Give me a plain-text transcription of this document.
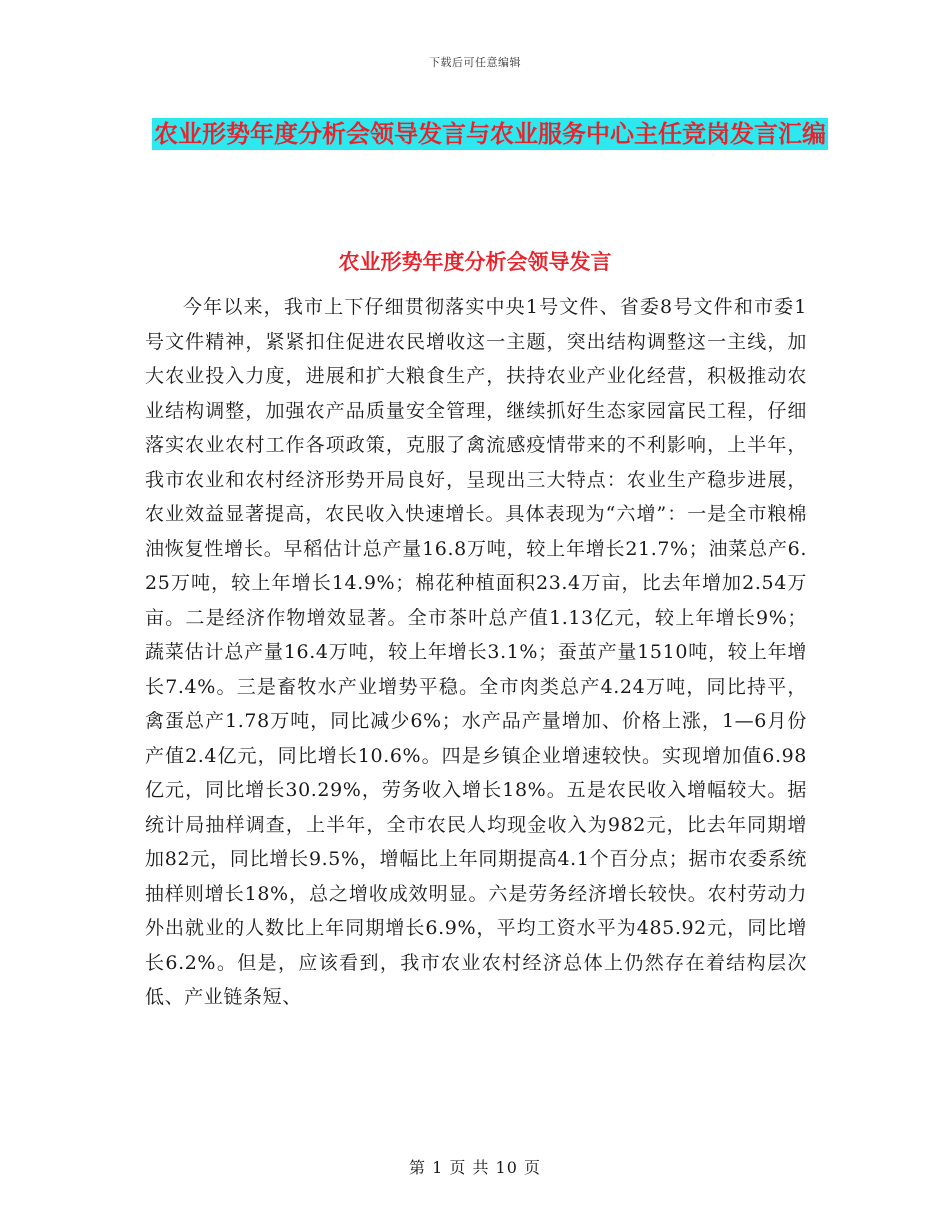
下载后可任意编辑
农业形势年度分析会领导发言与农业服务中心主任竞岗发言汇编
农业形势年度分析会领导发言

今年以来，我市上下仔细贯彻落实中央1号文件、省委8号文件和市委1号文件精神，紧紧扣住促进农民增收这一主题，突出结构调整这一主线，加大农业投入力度，进展和扩大粮食生产，扶持农业产业化经营，积极推动农业结构调整，加强农产品质量安全管理，继续抓好生态家园富民工程，仔细落实农业农村工作各项政策，克服了禽流感疫情带来的不利影响，上半年，我市农业和农村经济形势开局良好，呈现出三大特点：农业生产稳步进展，农业效益显著提高，农民收入快速增长。具体表现为“六增”：一是全市粮棉油恢复性增长。早稻估计总产量16.8万吨，较上年增长21.7%；油菜总产6.25万吨，较上年增长14.9%；棉花种植面积23.4万亩，比去年增加2.54万亩。二是经济作物增效显著。全市茶叶总产值1.13亿元，较上年增长9%；蔬菜估计总产量16.4万吨，较上年增长3.1%；蚕茧产量1510吨，较上年增长7.4%。三是畜牧水产业增势平稳。全市肉类总产4.24万吨，同比持平，禽蛋总产1.78万吨，同比减少6%；水产品产量增加、价格上涨，1—6月份产值2.4亿元，同比增长10.6%。四是乡镇企业增速较快。实现增加值6.98亿元，同比增长30.29%，劳务收入增长18%。五是农民收入增幅较大。据统计局抽样调查，上半年，全市农民人均现金收入为982元，比去年同期增加82元，同比增长9.5%，增幅比上年同期提高4.1个百分点；据市农委系统抽样则增长18%，总之增收成效明显。六是劳务经济增长较快。农村劳动力外出就业的人数比上年同期增长6.9%，平均工资水平为485.92元，同比增长6.2%。但是，应该看到，我市农业农村经济总体上仍然存在着结构层次低、产业链条短、

第 1 页 共 10 页
